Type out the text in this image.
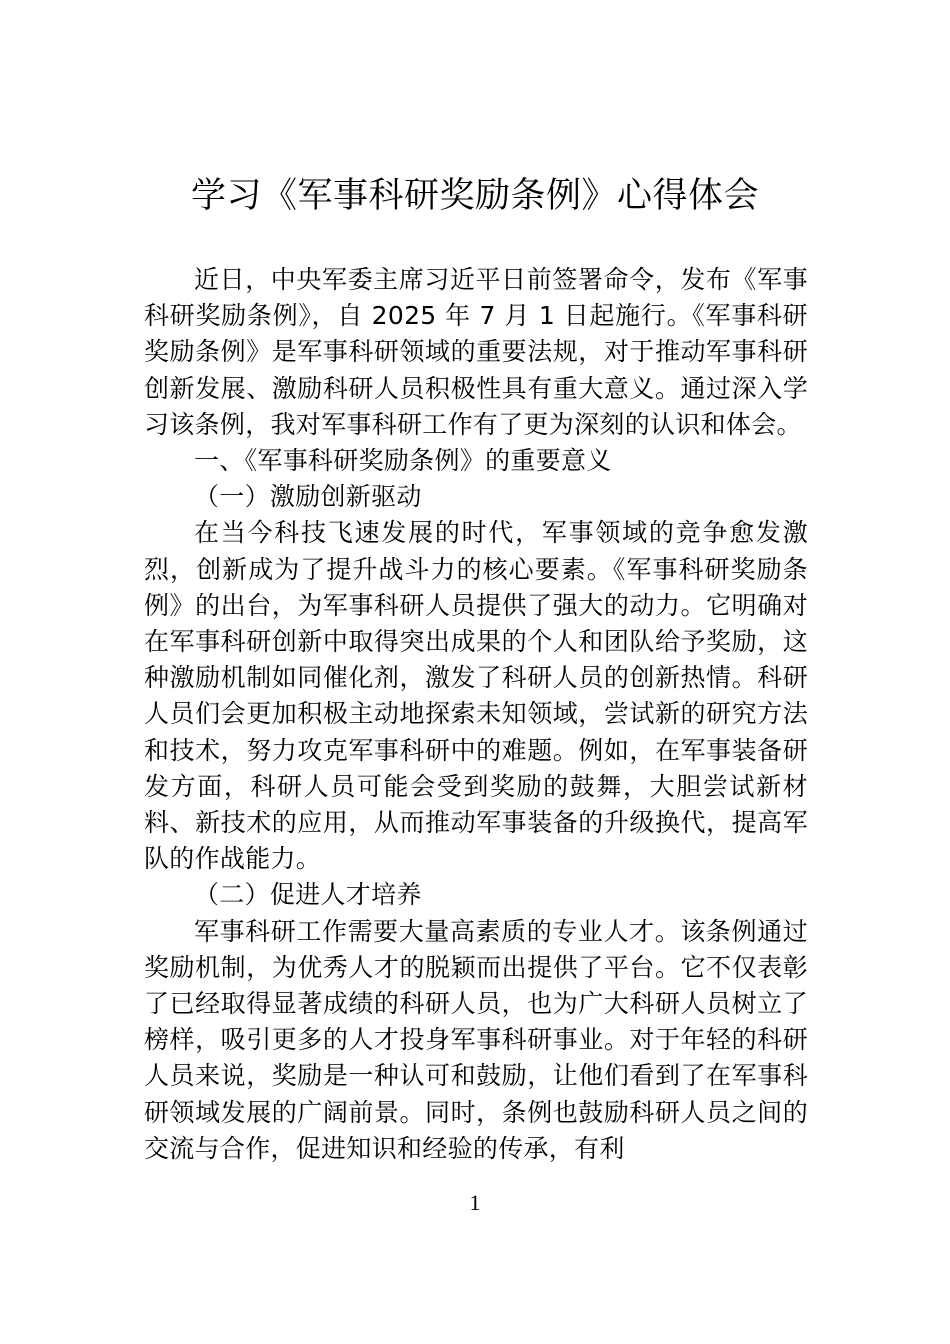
学习《军事科研奖励条例》心得体会

近日，中央军委主席习近平日前签署命令，发布《军事科研奖励条例》，自 2025 年 7 月 1 日起施行。《军事科研奖励条例》是军事科研领域的重要法规，对于推动军事科研创新发展、激励科研人员积极性具有重大意义。通过深入学习该条例，我对军事科研工作有了更为深刻的认识和体会。

一、《军事科研奖励条例》的重要意义

（一）激励创新驱动

在当今科技飞速发展的时代，军事领域的竞争愈发激烈，创新成为了提升战斗力的核心要素。《军事科研奖励条例》的出台，为军事科研人员提供了强大的动力。它明确对在军事科研创新中取得突出成果的个人和团队给予奖励，这种激励机制如同催化剂，激发了科研人员的创新热情。科研人员们会更加积极主动地探索未知领域，尝试新的研究方法和技术，努力攻克军事科研中的难题。例如，在军事装备研发方面，科研人员可能会受到奖励的鼓舞，大胆尝试新材料、新技术的应用，从而推动军事装备的升级换代，提高军队的作战能力。

（二）促进人才培养

军事科研工作需要大量高素质的专业人才。该条例通过奖励机制，为优秀人才的脱颖而出提供了平台。它不仅表彰了已经取得显著成绩的科研人员，也为广大科研人员树立了榜样，吸引更多的人才投身军事科研事业。对于年轻的科研人员来说，奖励是一种认可和鼓励，让他们看到了在军事科研领域发展的广阔前景。同时，条例也鼓励科研人员之间的交流与合作，促进知识和经验的传承，有利

1
